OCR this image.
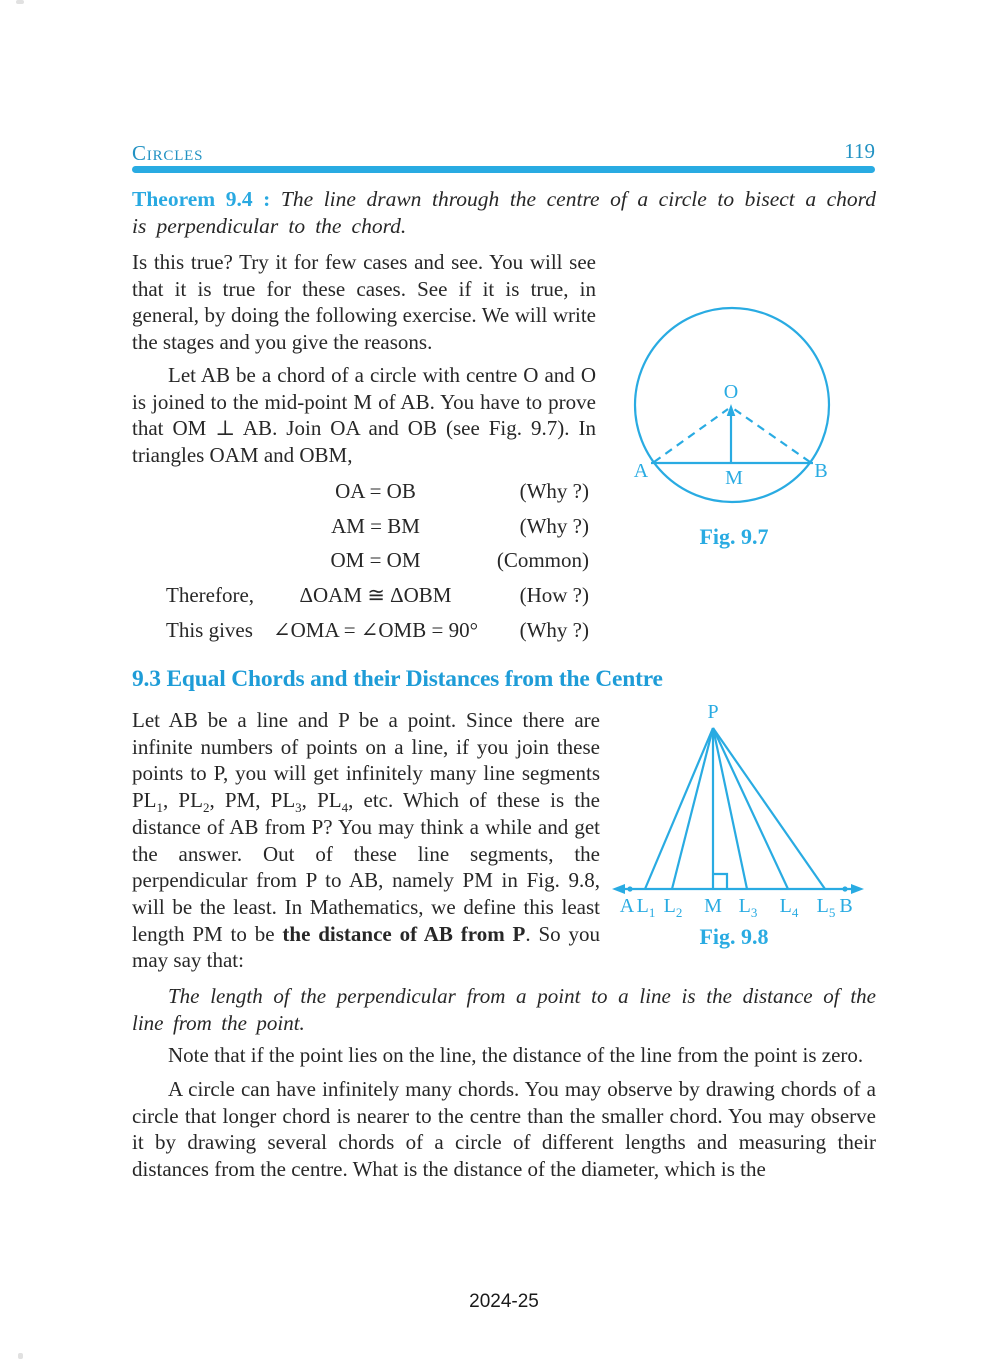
Circles	119
Theorem 9.4 : The line drawn through the centre of a circle to bisect a chord is perpendicular to the chord.
Is this true? Try it for few cases and see. You will see that it is true for these cases. See if it is true, in general, by doing the following exercise. We will write the stages and you give the reasons.
Let AB be a chord of a circle with centre O and O is joined to the mid-point M of AB. You have to prove that OM ⊥ AB. Join OA and OB (see Fig. 9.7). In triangles OAM and OBM,
O
A	M	B
Fig. 9.7
OA = OB	(Why ?)
AM = BM	(Why ?)
OM = OM	(Common)
Therefore,	ΔOAM ≅ ΔOBM	(How ?)
This gives ∠OMA = ∠OMB = 90°	(Why ?)
9.3 Equal Chords and their Distances from the Centre
Let AB be a line and P be a point. Since there are infinite numbers of points on a line, if you join these points to P, you will get infinitely many line segments $PL_1$, $PL_2$, PM, $PL_3$, $PL_4$, etc. Which of these is the distance of AB from P? You may think a while and get the answer. Out of these line segments, the perpendicular from P to AB, namely PM in Fig. 9.8, will be the least. In Mathematics, we define this least length PM to be the distance of AB from P. So you may say that:
P
A $L_1$ $L_2$ M $L_3$ $L_4$ $L_5$ B
Fig. 9.8
The length of the perpendicular from a point to a line is the distance of the line from the point.
Note that if the point lies on the line, the distance of the line from the point is zero.
A circle can have infinitely many chords. You may observe by drawing chords of a circle that longer chord is nearer to the centre than the smaller chord. You may observe it by drawing several chords of a circle of different lengths and measuring their distances from the centre. What is the distance of the diameter, which is the
2024-25
